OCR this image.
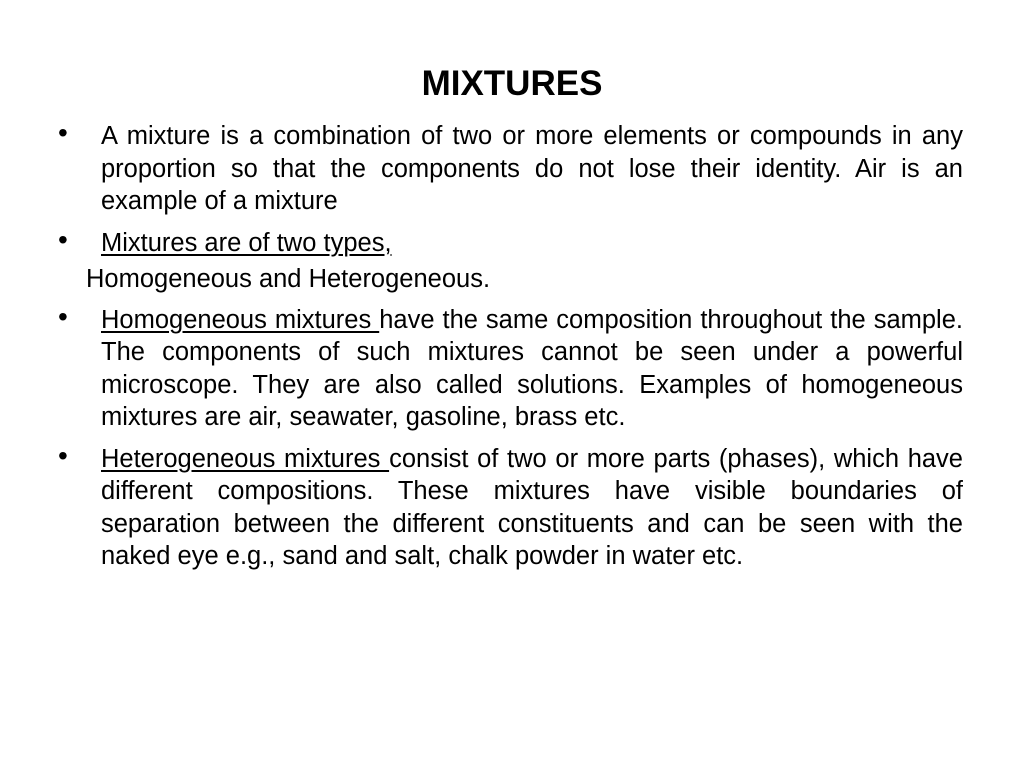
MIXTURES

• A mixture is a combination of two or more elements or compounds in any proportion so that the components do not lose their identity. Air is an example of a mixture

• Mixtures are of two types,

Homogeneous and Heterogeneous.

• Homogeneous mixtures have the same composition throughout the sample. The components of such mixtures cannot be seen under a powerful microscope. They are also called solutions. Examples of homogeneous mixtures are air, seawater, gasoline, brass etc.

• Heterogeneous mixtures consist of two or more parts (phases), which have different compositions. These mixtures have visible boundaries of separation between the different constituents and can be seen with the naked eye e.g., sand and salt, chalk powder in water etc.
